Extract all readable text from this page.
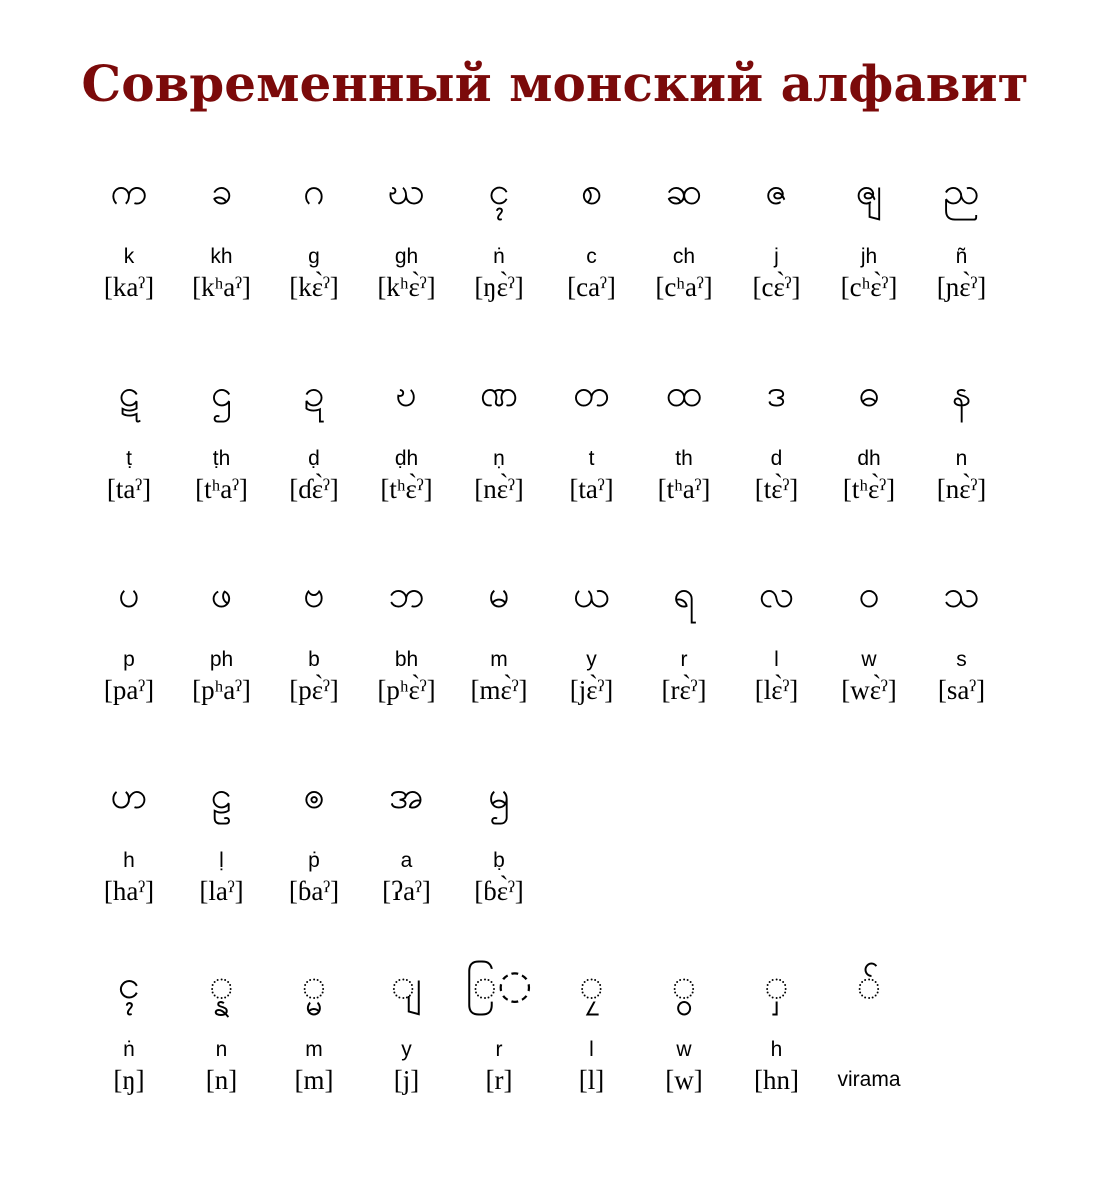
Современный монский алфавит
က
k
[kaˀ]
ခ
kh
[kʰaˀ]
ဂ
g
[kɛ̀ˀ]
ဃ
gh
[kʰɛ̀ˀ]
ၚ
ṅ
[ŋɛ̀ˀ]
စ
c
[caˀ]
ဆ
ch
[cʰaˀ]
ဇ
j
[cɛ̀ˀ]
ၛ
jh
[cʰɛ̀ˀ]
ည
ñ
[ɲɛ̀ˀ]
ဋ
ṭ
[taˀ]
ဌ
ṭh
[tʰaˀ]
ဍ
ḍ
[ɗɛ̀ˀ]
ဎ
ḍh
[tʰɛ̀ˀ]
ဏ
ṇ
[nɛ̀ˀ]
တ
t
[taˀ]
ထ
th
[tʰaˀ]
ဒ
d
[tɛ̀ˀ]
ဓ
dh
[tʰɛ̀ˀ]
န
n
[nɛ̀ˀ]
ပ
p
[paˀ]
ဖ
ph
[pʰaˀ]
ဗ
b
[pɛ̀ˀ]
ဘ
bh
[pʰɛ̀ˀ]
မ
m
[mɛ̀ˀ]
ယ
y
[jɛ̀ˀ]
ရ
r
[rɛ̀ˀ]
လ
l
[lɛ̀ˀ]
ဝ
w
[wɛ̀ˀ]
သ
s
[saˀ]
ဟ
h
[haˀ]
ဠ
ḷ
[laˀ]
ၜ
ṗ
[ɓaˀ]
အ
a
[ʔaˀ]
ၝ
ḅ
[ɓɛ̀ˀ]
ၚ
ṅ
[ŋ]
◌္န
n
[n]
◌္မ
m
[m]
◌ျ
y
[j]
ြ◌
r
[r]
◌ၠ
l
[l]
◌ွ
w
[w]
◌ှ
h
[hn]
◌်
virama
